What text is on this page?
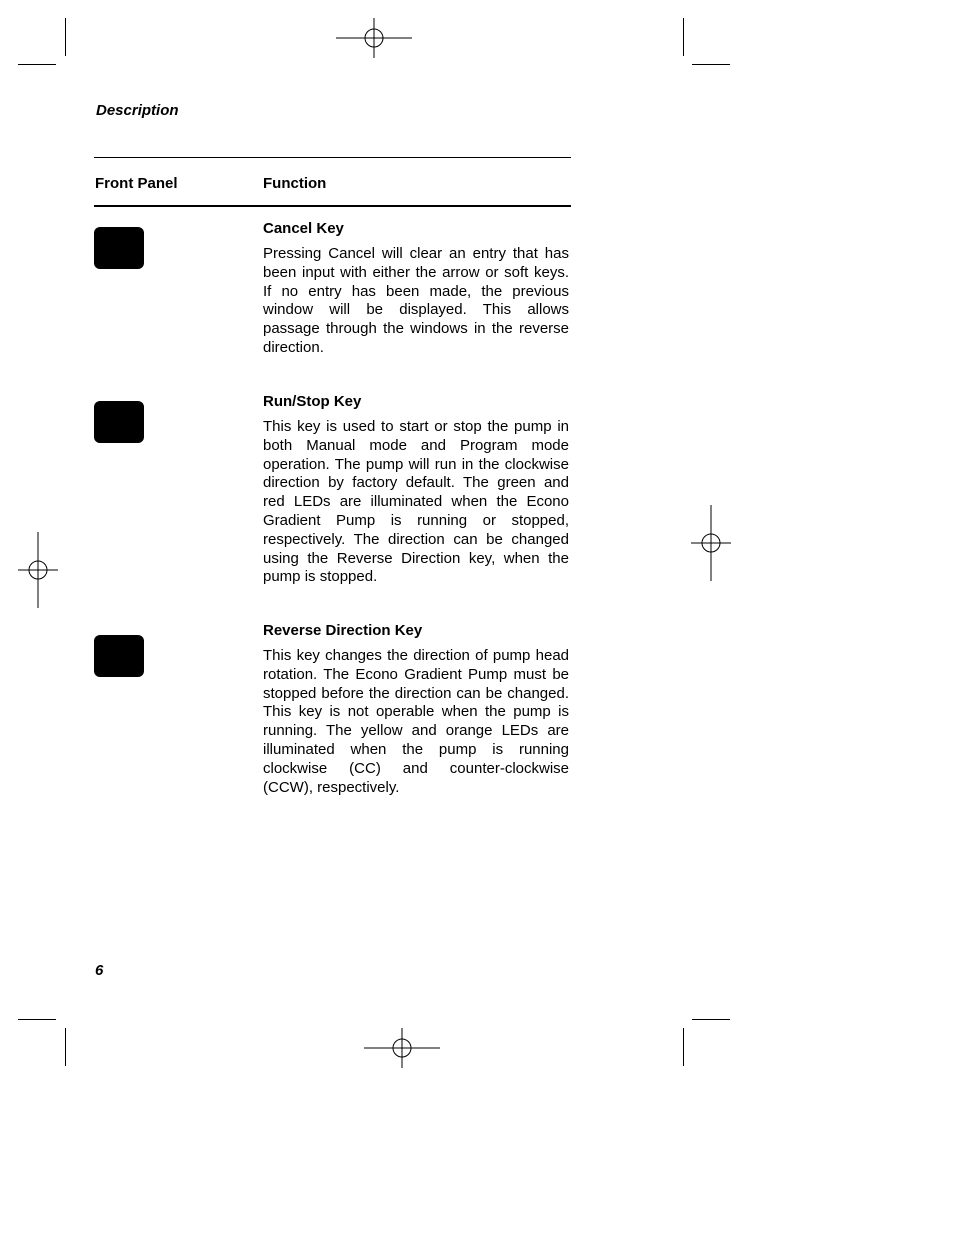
Description
Front Panel	Function
Cancel Key

Pressing Cancel will clear an entry that has been input with either the arrow or soft keys. If no entry has been made, the previous window will be displayed. This allows passage through the windows in the reverse direction.

Run/Stop Key

This key is used to start or stop the pump in both Manual mode and Program mode operation. The pump will run in the clockwise direction by factory default. The green and red LEDs are illuminated when the Econo Gradient Pump is running or stopped, respectively. The direction can be changed using the Reverse Direction key, when the pump is stopped.

Reverse Direction Key

This key changes the direction of pump head rotation. The Econo Gradient Pump must be stopped before the direction can be changed. This key is not operable when the pump is running. The yellow and orange LEDs are illuminated when the pump is running clockwise (CC) and counter-clockwise (CCW), respectively.

6
